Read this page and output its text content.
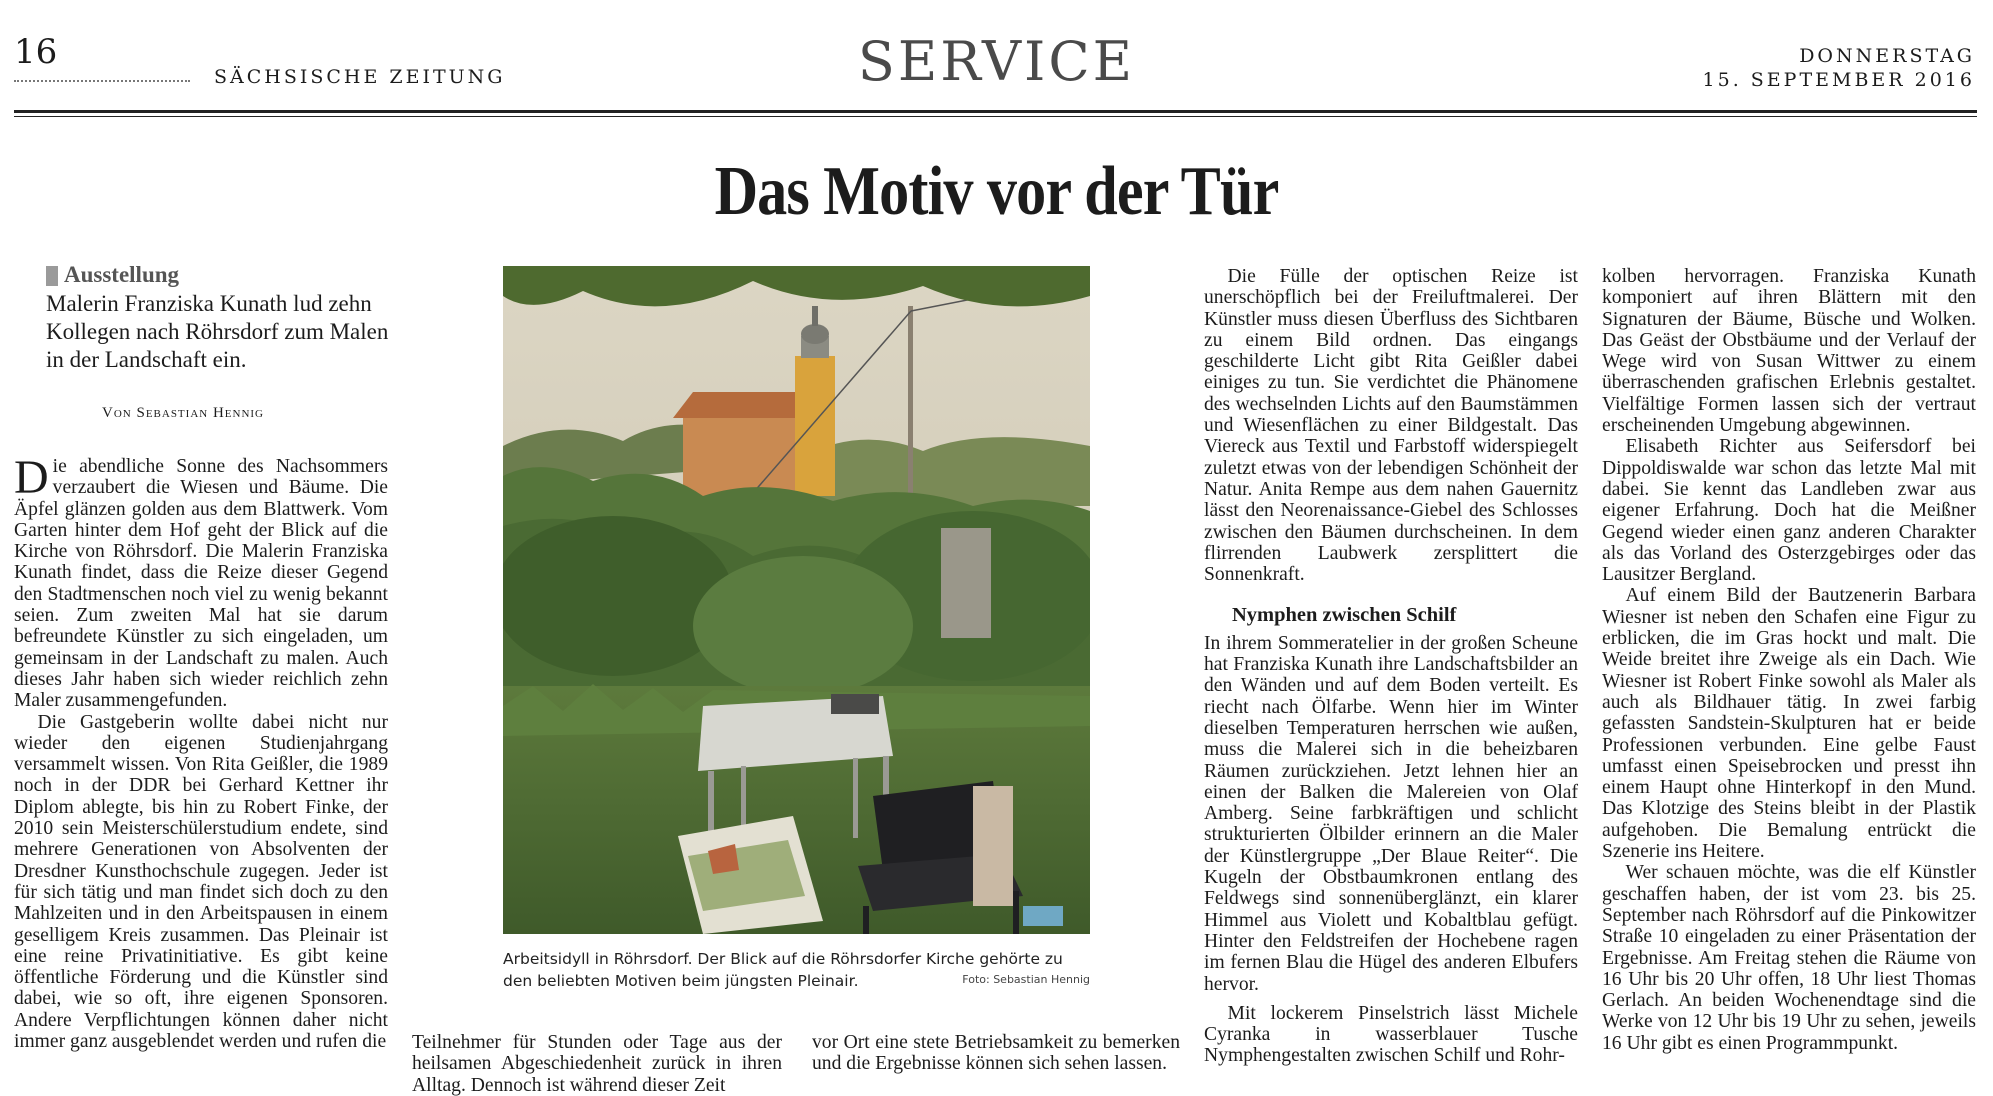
16
SÄCHSISCHE ZEITUNG	SERVICE	DONNERSTAG
15. SEPTEMBER 2016
Das Motiv vor der Tür
Ausstellung
Malerin Franziska Kunath lud zehn Kollegen nach Röhrsdorf zum Malen in der Landschaft ein.
Von Sebastian Hennig

Die abendliche Sonne des Nachsommers verzaubert die Wiesen und Bäume. Die Äpfel glänzen golden aus dem Blattwerk. Vom Garten hinter dem Hof geht der Blick auf die Kirche von Röhrsdorf. Die Malerin Franziska Kunath findet, dass die Reize dieser Gegend den Stadtmenschen noch viel zu wenig bekannt seien. Zum zweiten Mal hat sie darum befreundete Künstler zu sich eingeladen, um gemeinsam in der Landschaft zu malen. Auch dieses Jahr haben sich wieder reichlich zehn Maler zusammengefunden.

Die Gastgeberin wollte dabei nicht nur wieder den eigenen Studienjahrgang versammelt wissen. Von Rita Geißler, die 1989 noch in der DDR bei Gerhard Kettner ihr Diplom ablegte, bis hin zu Robert Finke, der 2010 sein Meisterschülerstudium endete, sind mehrere Generationen von Absolventen der Dresdner Kunsthochschule zugegen. Jeder ist für sich tätig und man findet sich doch zu den Mahlzeiten und in den Arbeitspausen in einem geselligem Kreis zusammen. Das Pleinair ist eine reine Privatinitiative. Es gibt keine öffentliche Förderung und die Künstler sind dabei, wie so oft, ihre eigenen Sponsoren. Andere Verpflichtungen können daher nicht immer ganz ausgeblendet werden und rufen die

Arbeitsidyll in Röhrsdorf. Der Blick auf die Röhrsdorfer Kirche gehörte zu den beliebten Motiven beim jüngsten Pleinair.	Foto: Sebastian Hennig

Teilnehmer für Stunden oder Tage aus der heilsamen Abgeschiedenheit zurück in ihren Alltag. Dennoch ist während dieser Zeit

vor Ort eine stete Betriebsamkeit zu bemerken und die Ergebnisse können sich sehen lassen.

Die Fülle der optischen Reize ist unerschöpflich bei der Freiluftmalerei. Der Künstler muss diesen Überfluss des Sichtbaren zu einem Bild ordnen. Das eingangs geschilderte Licht gibt Rita Geißler dabei einiges zu tun. Sie verdichtet die Phänomene des wechselnden Lichts auf den Baumstämmen und Wiesenflächen zu einer Bildgestalt. Das Viereck aus Textil und Farbstoff widerspiegelt zuletzt etwas von der lebendigen Schönheit der Natur. Anita Rempe aus dem nahen Gauernitz lässt den Neorenaissance-Giebel des Schlosses zwischen den Bäumen durchscheinen. In dem flirrenden Laubwerk zersplittert die Sonnenkraft.

Nymphen zwischen Schilf

In ihrem Sommeratelier in der großen Scheune hat Franziska Kunath ihre Landschaftsbilder an den Wänden und auf dem Boden verteilt. Es riecht nach Ölfarbe. Wenn hier im Winter dieselben Temperaturen herrschen wie außen, muss die Malerei sich in die beheizbaren Räumen zurückziehen. Jetzt lehnen hier an einen der Balken die Malereien von Olaf Amberg. Seine farbkräftigen und schlicht strukturierten Ölbilder erinnern an die Maler der Künstlergruppe „Der Blaue Reiter“. Die Kugeln der Obstbaumkronen entlang des Feldwegs sind sonnenüberglänzt, ein klarer Himmel aus Violett und Kobaltblau gefügt. Hinter den Feldstreifen der Hochebene ragen im fernen Blau die Hügel des anderen Elbufers hervor.

Mit lockerem Pinselstrich lässt Michele Cyranka in wasserblauer Tusche Nymphengestalten zwischen Schilf und Rohr-

kolben hervorragen. Franziska Kunath komponiert auf ihren Blättern mit den Signaturen der Bäume, Büsche und Wolken. Das Geäst der Obstbäume und der Verlauf der Wege wird von Susan Wittwer zu einem überraschenden grafischen Erlebnis gestaltet. Vielfältige Formen lassen sich der vertraut erscheinenden Umgebung abgewinnen.

Elisabeth Richter aus Seifersdorf bei Dippoldiswalde war schon das letzte Mal mit dabei. Sie kennt das Landleben zwar aus eigener Erfahrung. Doch hat die Meißner Gegend wieder einen ganz anderen Charakter als das Vorland des Osterzgebirges oder das Lausitzer Bergland.

Auf einem Bild der Bautzenerin Barbara Wiesner ist neben den Schafen eine Figur zu erblicken, die im Gras hockt und malt. Die Weide breitet ihre Zweige als ein Dach. Wie Wiesner ist Robert Finke sowohl als Maler als auch als Bildhauer tätig. In zwei farbig gefassten Sandstein-Skulpturen hat er beide Professionen verbunden. Eine gelbe Faust umfasst einen Speisebrocken und presst ihn einem Haupt ohne Hinterkopf in den Mund. Das Klotzige des Steins bleibt in der Plastik aufgehoben. Die Bemalung entrückt die Szenerie ins Heitere.

Wer schauen möchte, was die elf Künstler geschaffen haben, der ist vom 23. bis 25. September nach Röhrsdorf auf die Pinkowitzer Straße 10 eingeladen zu einer Präsentation der Ergebnisse. Am Freitag stehen die Räume von 16 Uhr bis 20 Uhr offen, 18 Uhr liest Thomas Gerlach. An beiden Wochenendtage sind die Werke von 12 Uhr bis 19 Uhr zu sehen, jeweils 16 Uhr gibt es einen Programmpunkt.
